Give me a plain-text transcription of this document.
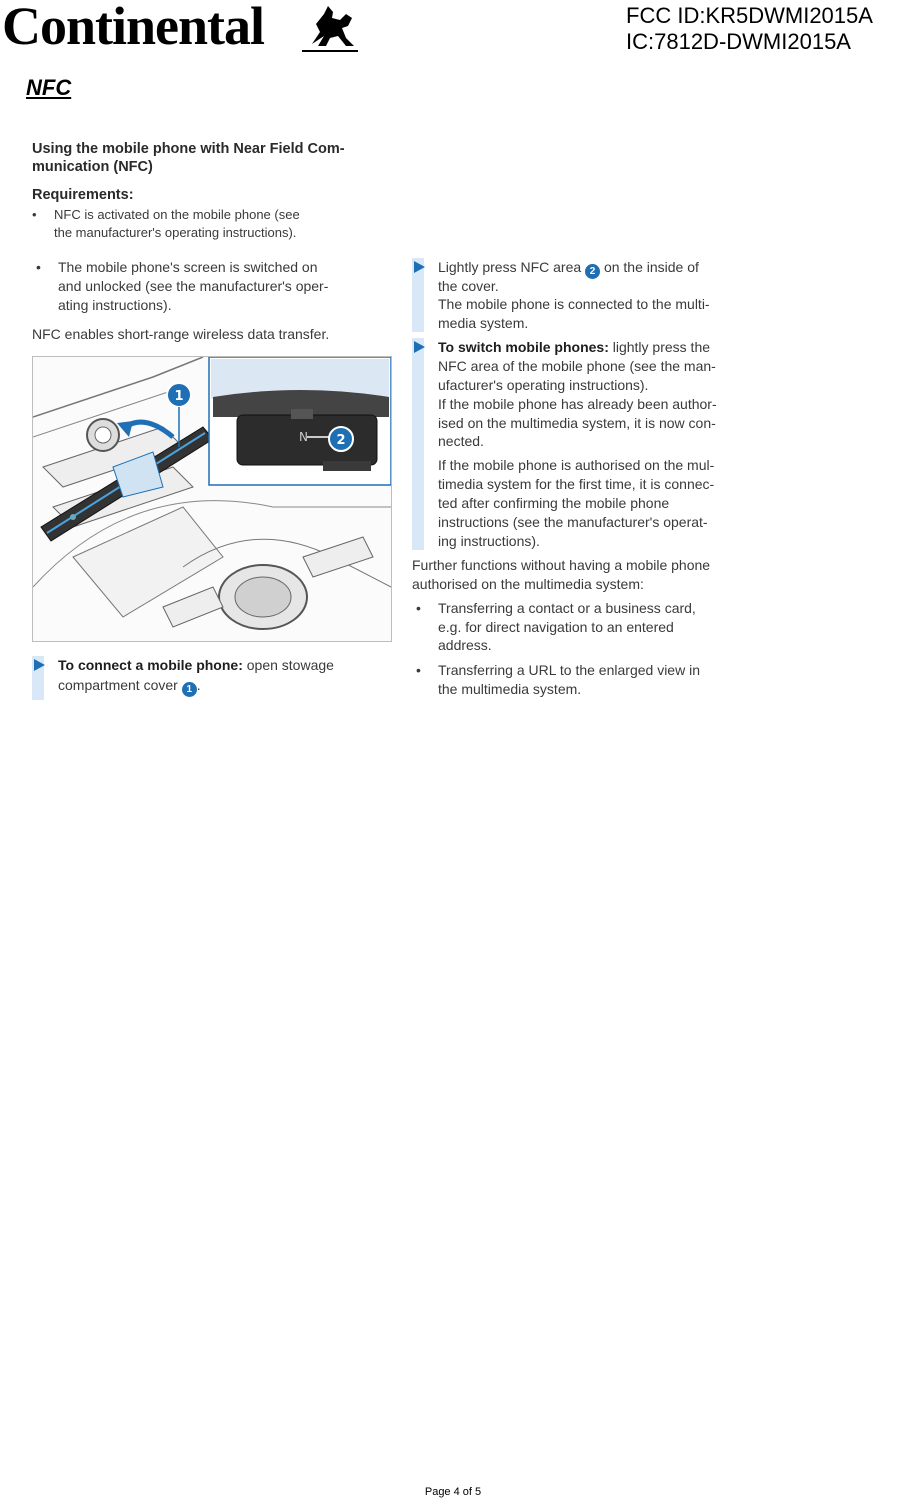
Continental	FCC ID:KR5DWMI2015A
IC:7812D-DWMI2015A
NFC
Using the mobile phone with Near Field Com-
munication (NFC)
Requirements:
• NFC is activated on the mobile phone (see
the manufacturer's operating instructions).
• The mobile phone's screen is switched on
and unlocked (see the manufacturer's oper-
ating instructions).
NFC enables short-range wireless data transfer.
1
N 2
To connect a mobile phone: open stowage
compartment cover 1 .
Lightly press NFC area 2 on the inside of
the cover.
The mobile phone is connected to the multi-
media system.
To switch mobile phones: lightly press the
NFC area of the mobile phone (see the man-
ufacturer's operating instructions).
If the mobile phone has already been author-
ised on the multimedia system, it is now con-
nected.
If the mobile phone is authorised on the mul-
timedia system for the first time, it is connec-
ted after confirming the mobile phone
instructions (see the manufacturer's operat-
ing instructions).
Further functions without having a mobile phone
authorised on the multimedia system:
• Transferring a contact or a business card,
e.g. for direct navigation to an entered
address.
• Transferring a URL to the enlarged view in
the multimedia system.
Page 4 of 5
